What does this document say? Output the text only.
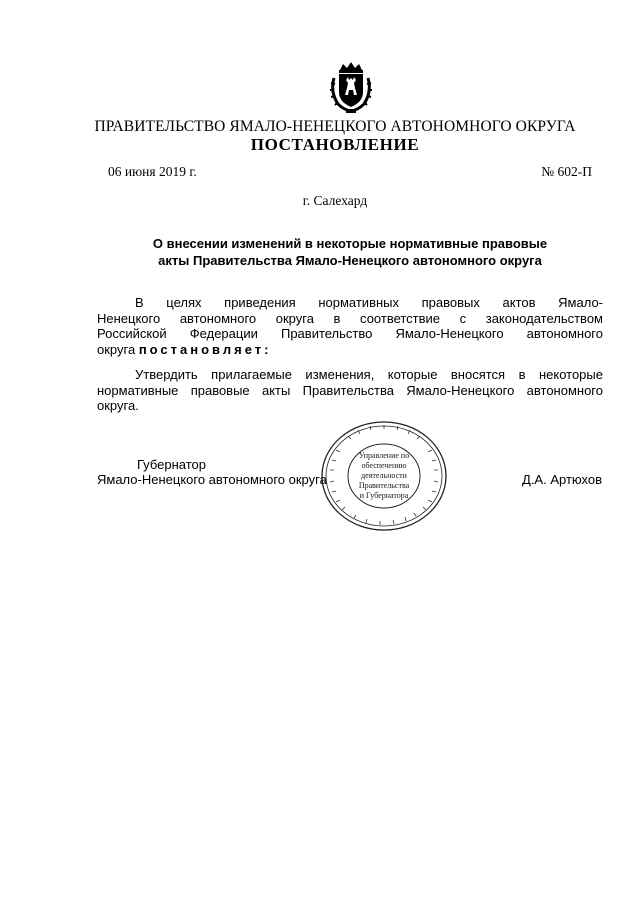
ПРАВИТЕЛЬСТВО ЯМАЛО-НЕНЕЦКОГО АВТОНОМНОГО ОКРУГА
ПОСТАНОВЛЕНИЕ
06 июня 2019 г.	№ 602-П
г. Салехард
О внесении изменений в некоторые нормативные правовые
акты Правительства Ямало-Ненецкого автономного округа
В целях приведения нормативных правовых актов Ямало-
Ненецкого автономного округа в соответствие с законодательством
Российской Федерации Правительство Ямало-Ненецкого автономного
округа постановляет:
Утвердить прилагаемые изменения, которые вносятся в некоторые
нормативные правовые акты Правительства Ямало-Ненецкого автономного
округа.
Управление по
обеспечению
деятельности
Правительства
и Губернатора
Губернатор
Ямало-Ненецкого автономного округа	Д.А. Артюхов
